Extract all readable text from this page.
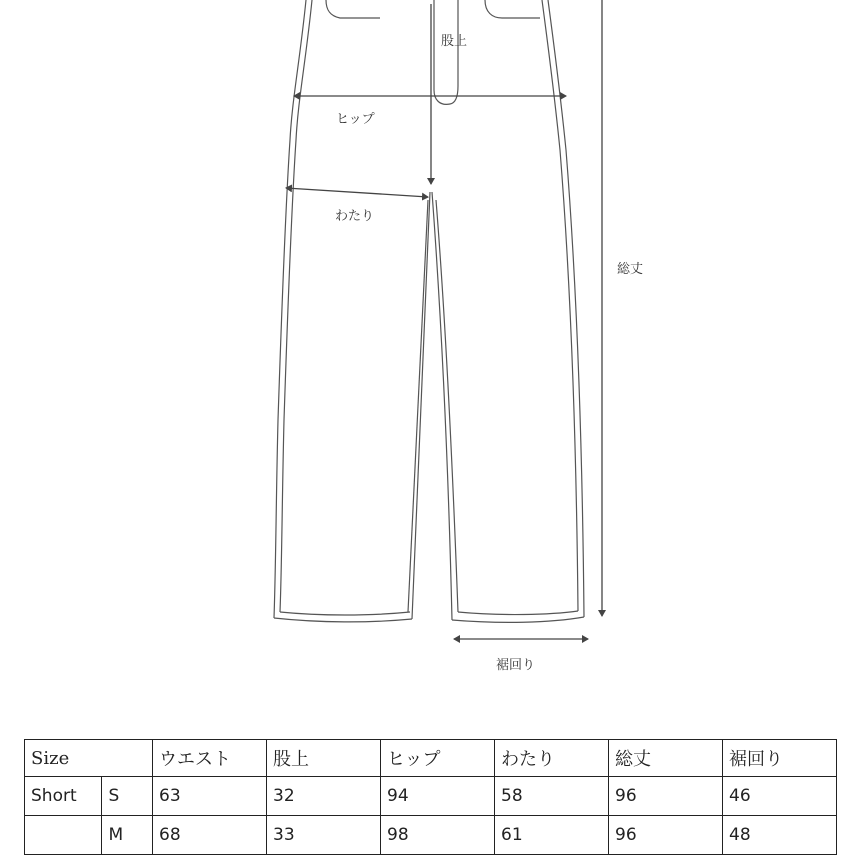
股上
ヒップ
わたり
総丈
裾回り
Size		ウエスト	股上	ヒップ	わたり	総丈	裾回り
Short	S	63	32	94	58	96	46
	M	68	33	98	61	96	48
